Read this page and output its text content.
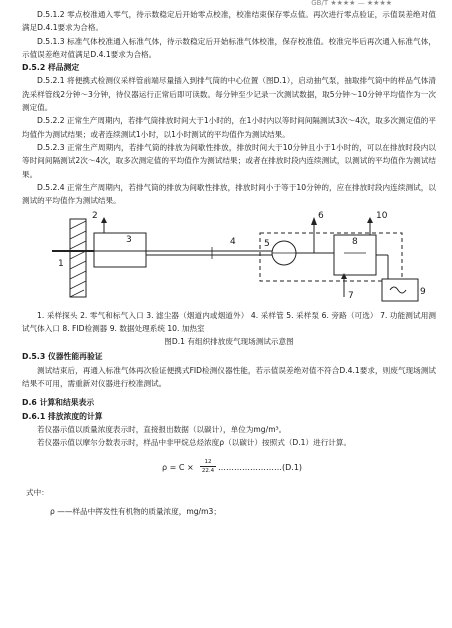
GB/T ★★★★ — ★★★★

D.5.1.2 零点校准通入零气，待示数稳定后开始零点校准，校准结束保存零点值。再次进行零点验证，示值误差绝对值满足D.4.1要求为合格。

D.5.1.3 标准气体校准通入标准气体，待示数稳定后开始标准气体校准，保存校准值。校准完毕后再次通入标准气体，示值误差绝对值满足D.4.1要求为合格。

D.5.2 样品测定

D.5.2.1 将便携式检测仪采样管前端尽量插入到排气筒的中心位置（图D.1），启动抽气泵，抽取排气筒中的样品气体清洗采样管线2分钟～3分钟，待仪器运行正常后即可读数。每分钟至少记录一次测试数据，取5分钟～10分钟平均值作为一次测定值。

D.5.2.2 正常生产周期内，若排气筒排放时间大于1小时的，在1小时内以等时间间隔测试3次～4次，取多次测定值的平均值作为测试结果；或者连续测试1小时，以1小时测试的平均值作为测试结果。

D.5.2.3 正常生产周期内，若排气筒的排放为间歇性排放，排放时间大于10分钟且小于1小时的，可以在排放时段内以等时间间隔测试2次～4次，取多次测定值的平均值作为测试结果；或者在排放时段内连续测试，以测试的平均值作为测试结果。

D.5.2.4 正常生产周期内，若排气筒的排放为间歇性排放，排放时间小于等于10分钟的，应在排放时段内连续测试，以测试的平均值作为测试结果。

1
2
3	4	5
6
7
8
9
10

1. 采样探头 2. 零气和标气入口 3. 滤尘器（烟道内或烟道外） 4. 采样管 5. 采样泵 6. 旁路（可选） 7. 功能测试用测试气体入口 8. FID检测器 9. 数据处理系统 10. 加热室

图D.1 有组织排放废气现场测试示意图

D.5.3 仪器性能再验证

测试结束后，再通入标准气体再次验证便携式FID检测仪器性能，若示值误差绝对值不符合D.4.1要求，则废气现场测试结果不可用，需重新对仪器进行校准测试。

D.6 计算和结果表示

D.6.1 排放浓度的计算

若仪器示值以质量浓度表示时，直接报出数据（以碳计），单位为mg/m³。

若仪器示值以摩尔分数表示时，样品中非甲烷总烃浓度ρ（以碳计）按照式（D.1）进行计算。

$\rho = C \times \frac{12}{22.4}$ ……………………(D.1)

式中：

ρ ——样品中挥发性有机物的质量浓度，mg/m3；
